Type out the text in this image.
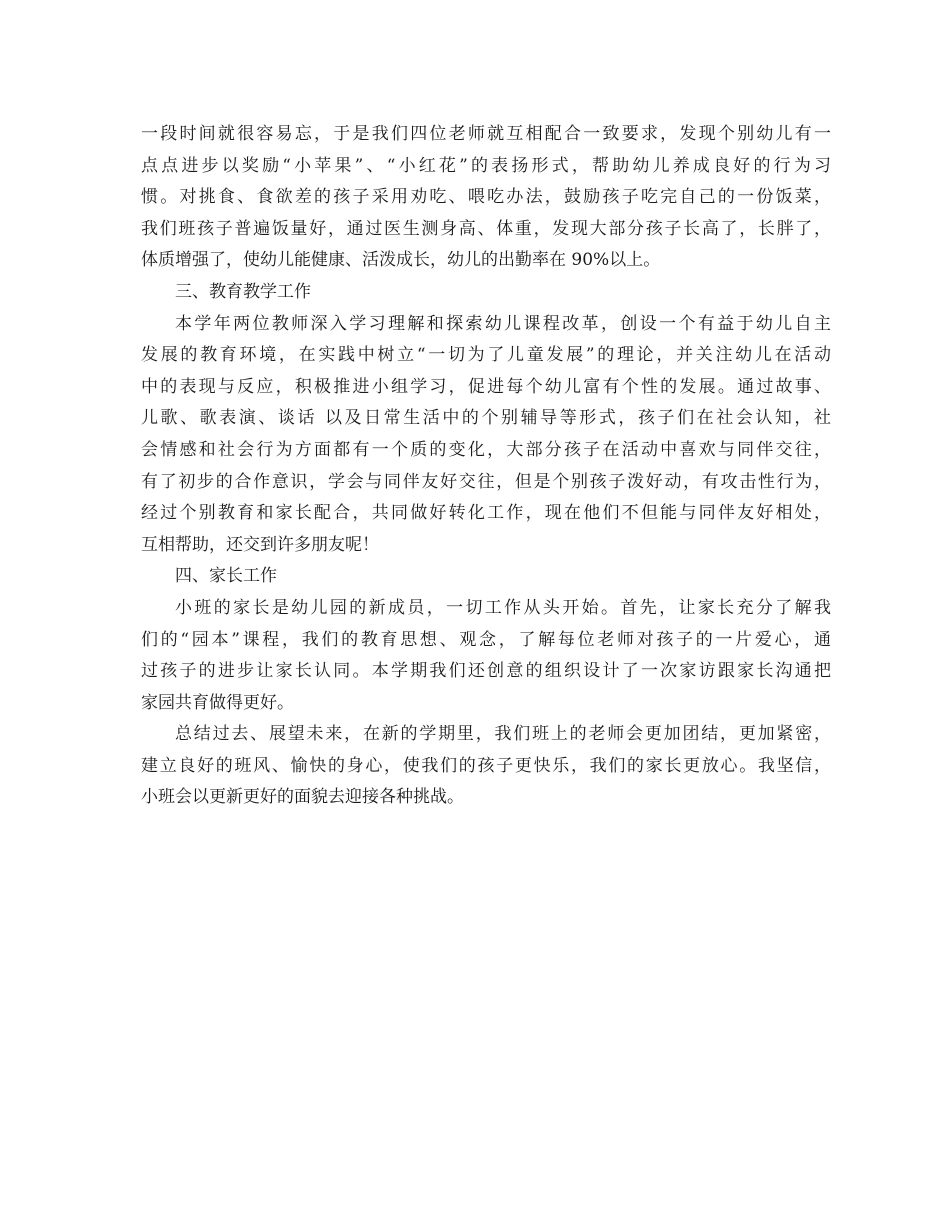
一段时间就很容易忘，于是我们四位老师就互相配合一致要求，发现个别幼儿有一
点点进步以奖励“小苹果”、“小红花”的表扬形式，帮助幼儿养成良好的行为习
惯。对挑食、食欲差的孩子采用劝吃、喂吃办法，鼓励孩子吃完自己的一份饭菜，
我们班孩子普遍饭量好，通过医生测身高、体重，发现大部分孩子长高了，长胖了，
体质增强了，使幼儿能健康、活泼成长，幼儿的出勤率在 90%以上。
三、教育教学工作
本学年两位教师深入学习理解和探索幼儿课程改革，创设一个有益于幼儿自主
发展的教育环境，在实践中树立“一切为了儿童发展”的理论，并关注幼儿在活动
中的表现与反应，积极推进小组学习，促进每个幼儿富有个性的发展。通过故事、
儿歌、歌表演、谈话 以及日常生活中的个别辅导等形式，孩子们在社会认知，社
会情感和社会行为方面都有一个质的变化，大部分孩子在活动中喜欢与同伴交往，
有了初步的合作意识，学会与同伴友好交往，但是个别孩子泼好动，有攻击性行为，
经过个别教育和家长配合，共同做好转化工作，现在他们不但能与同伴友好相处，
互相帮助，还交到许多朋友呢！
四、家长工作
小班的家长是幼儿园的新成员，一切工作从头开始。首先，让家长充分了解我
们的“园本”课程，我们的教育思想、观念，了解每位老师对孩子的一片爱心，通
过孩子的进步让家长认同。本学期我们还创意的组织设计了一次家访跟家长沟通把
家园共育做得更好。
总结过去、展望未来，在新的学期里，我们班上的老师会更加团结，更加紧密，
建立良好的班风、愉快的身心，使我们的孩子更快乐，我们的家长更放心。我坚信，
小班会以更新更好的面貌去迎接各种挑战。
